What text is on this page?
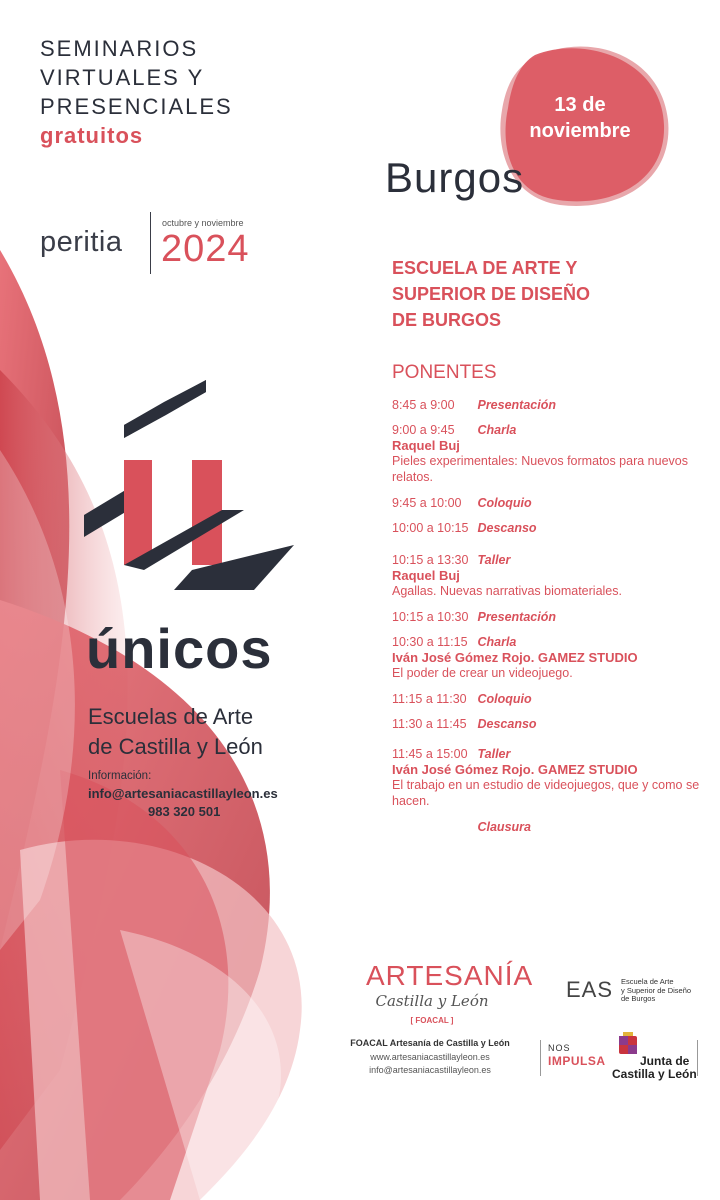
SEMINARIOS
VIRTUALES Y
PRESENCIALES
gratuitos
peritia
octubre y noviembre
2024
13 de
noviembre
Burgos
ESCUELA DE ARTE Y
SUPERIOR DE DISEÑO
DE BURGOS
PONENTES
8:45 a 9:00 Presentación
9:00 a 9:45 Charla
Raquel Buj
Pieles experimentales: Nuevos formatos para nuevos relatos.
9:45 a 10:00 Coloquio
10:00 a 10:15 Descanso
10:15 a 13:30 Taller
Raquel Buj
Agallas. Nuevas narrativas biomateriales.
10:15 a 10:30 Presentación
10:30 a 11:15 Charla
Iván José Gómez Rojo. GAMEZ STUDIO
El poder de crear un videojuego.
11:15 a 11:30 Coloquio
11:30 a 11:45 Descanso
11:45 a 15:00 Taller
Iván José Gómez Rojo. GAMEZ STUDIO
El trabajo en un estudio de videojuegos, que y como se hacen.
Clausura
únicos
Escuelas de Arte
de Castilla y León
Información:
info@artesaniacastillayleon.es
983 320 501
ARTESANÍA
Castilla y León
[ FOACAL ]
FOACAL Artesanía de Castilla y León
www.artesaniacastillayleon.es
info@artesaniacastillayleon.es
EAS Escuela de Arte
y Superior de Diseño
de Burgos
NOS
IMPULSA	Junta de
Castilla y León
